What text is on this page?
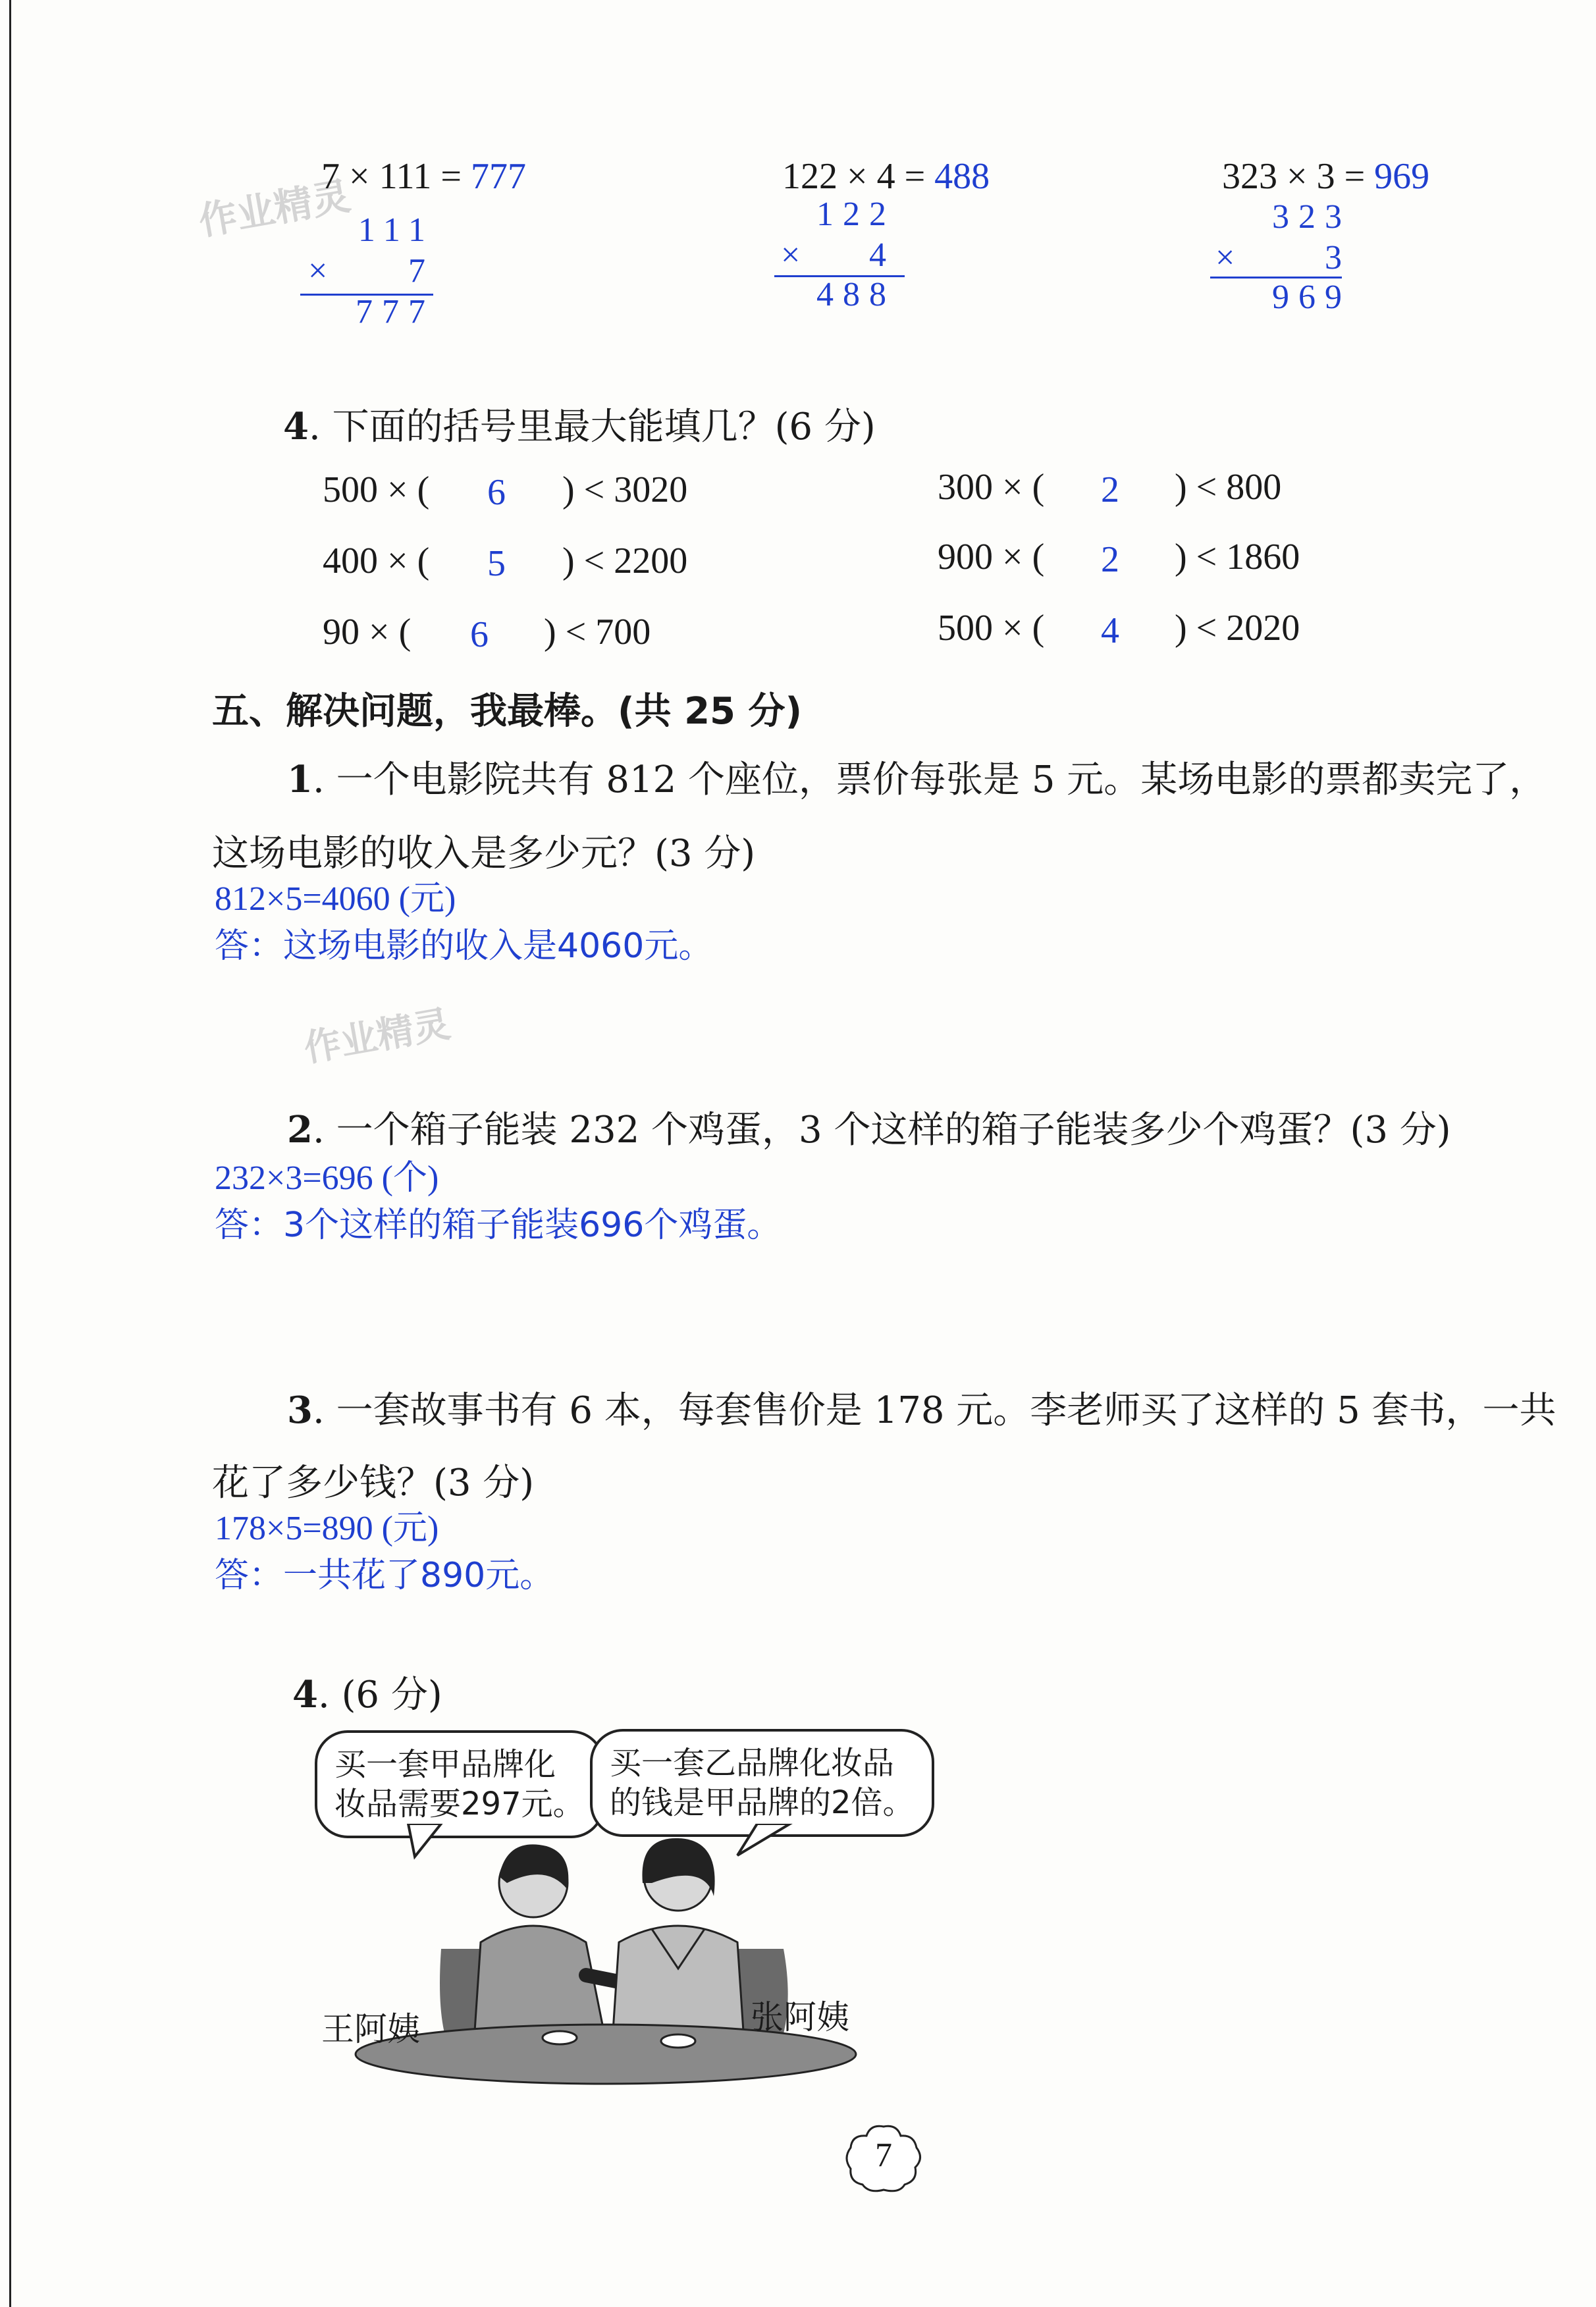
作业精灵
7 × 111 = 777
111
×	7
777
122 × 4 = 488
122
×	4
488
323 × 3 = 969
323
×	3
969
4. 下面的括号里最大能填几？(6 分)
500 × ( 6 ) < 3020	300 × ( 2 ) < 800
400 × ( 5 ) < 2200	900 × ( 2 ) < 1860
90 × ( 6 ) < 700	500 × ( 4 ) < 2020
五、解决问题，我最棒。(共 25 分)
1. 一个电影院共有 812 个座位，票价每张是 5 元。某场电影的票都卖完了，
这场电影的收入是多少元？(3 分)
812×5=4060 (元)
答：这场电影的收入是4060元。
作业精灵
2. 一个箱子能装 232 个鸡蛋，3 个这样的箱子能装多少个鸡蛋？(3 分)
232×3=696 (个)
答：3个这样的箱子能装696个鸡蛋。
3. 一套故事书有 6 本，每套售价是 178 元。李老师买了这样的 5 套书，一共
花了多少钱？(3 分)
178×5=890 (元)
答：一共花了890元。
4. (6 分)
买一套甲品牌化
妆品需要297元。
买一套乙品牌化妆品
的钱是甲品牌的2倍。
王阿姨	张阿姨
7
